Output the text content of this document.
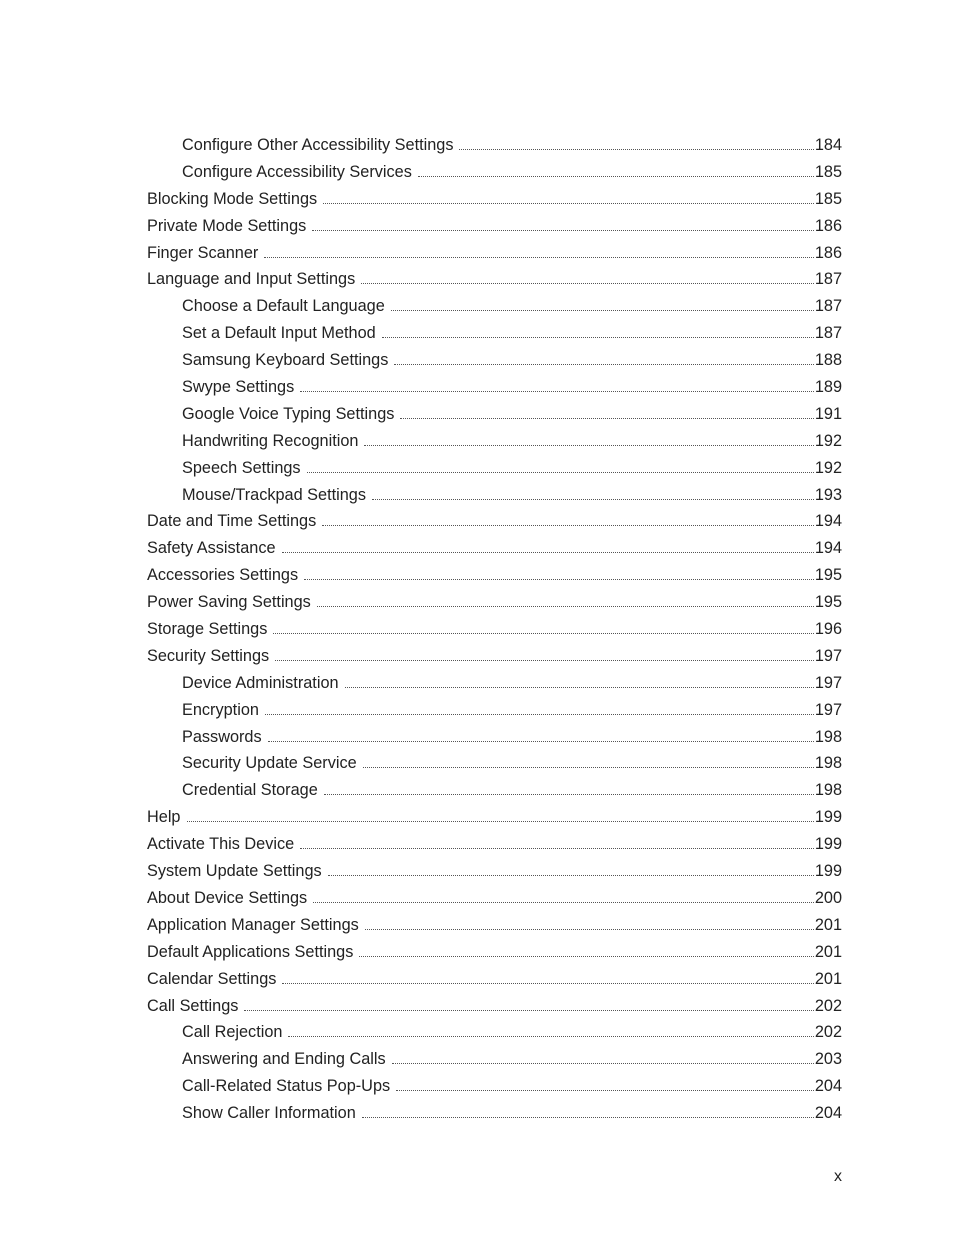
Configure Other Accessibility Settings	184
Configure Accessibility Services	185
Blocking Mode Settings	185
Private Mode Settings	186
Finger Scanner	186
Language and Input Settings	187
Choose a Default Language	187
Set a Default Input Method	187
Samsung Keyboard Settings	188
Swype Settings	189
Google Voice Typing Settings	191
Handwriting Recognition	192
Speech Settings	192
Mouse/Trackpad Settings	193
Date and Time Settings	194
Safety Assistance	194
Accessories Settings	195
Power Saving Settings	195
Storage Settings	196
Security Settings	197
Device Administration	197
Encryption	197
Passwords	198
Security Update Service	198
Credential Storage	198
Help	199
Activate This Device	199
System Update Settings	199
About Device Settings	200
Application Manager Settings	201
Default Applications Settings	201
Calendar Settings	201
Call Settings	202
Call Rejection	202
Answering and Ending Calls	203
Call-Related Status Pop-Ups	204
Show Caller Information	204
x
